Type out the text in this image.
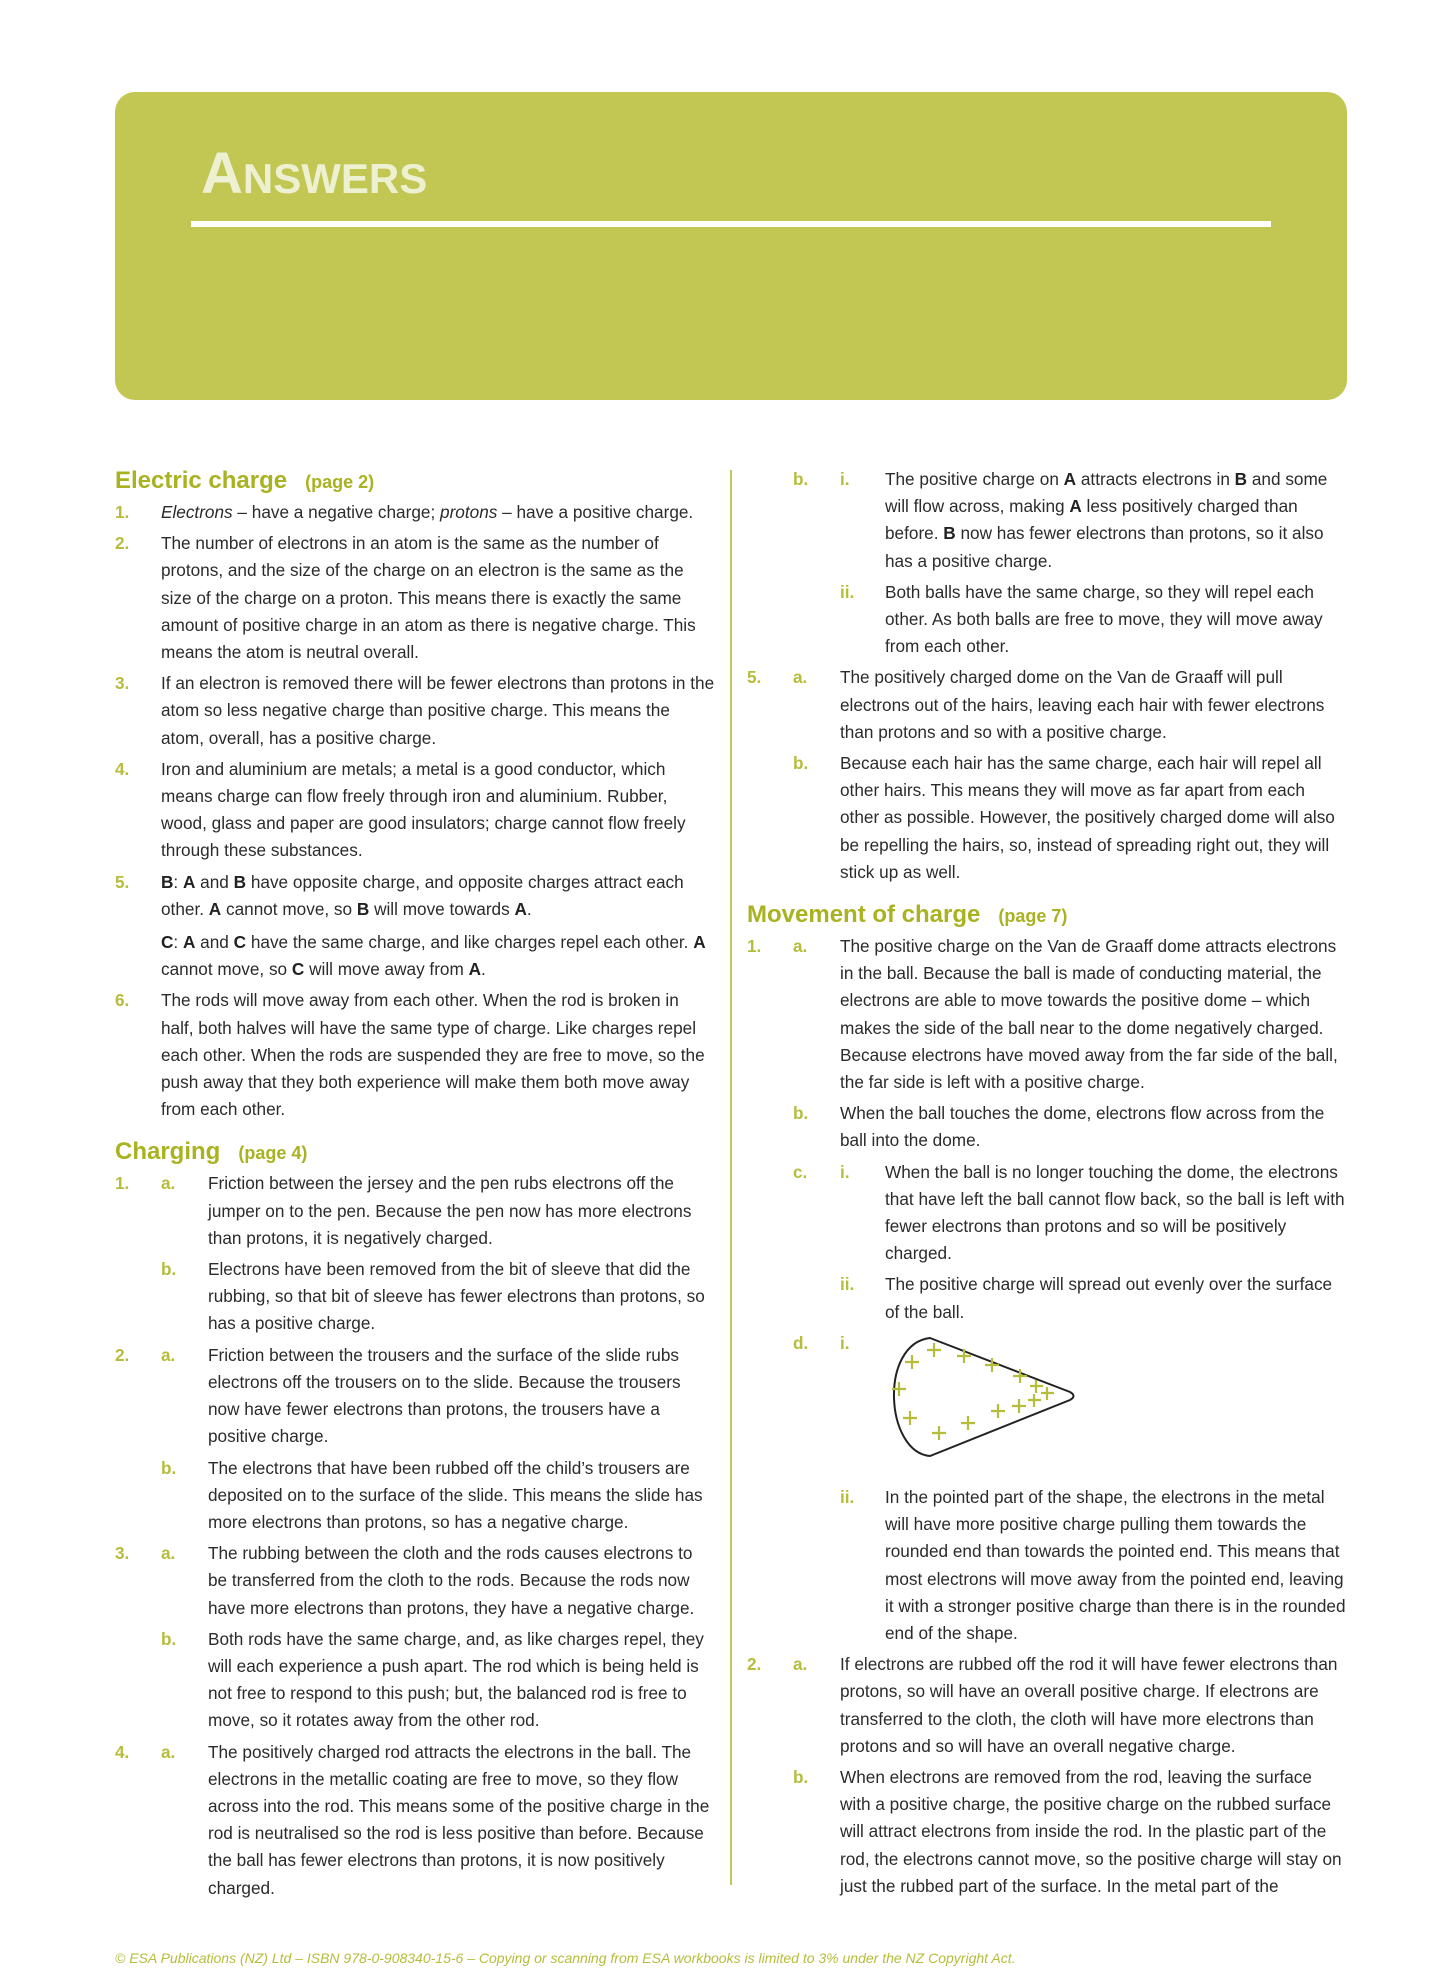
ANSWERS
Electric charge (page 2)
1. Electrons – have a negative charge; protons – have a positive charge.
2. The number of electrons in an atom is the same as the number of protons, and the size of the charge on an electron is the same as the size of the charge on a proton. This means there is exactly the same amount of positive charge in an atom as there is negative charge. This means the atom is neutral overall.
3. If an electron is removed there will be fewer electrons than protons in the atom so less negative charge than positive charge. This means the atom, overall, has a positive charge.
4. Iron and aluminium are metals; a metal is a good conductor, which means charge can flow freely through iron and aluminium. Rubber, wood, glass and paper are good insulators; charge cannot flow freely through these substances.
5. B: A and B have opposite charge, and opposite charges attract each other. A cannot move, so B will move towards A.
C: A and C have the same charge, and like charges repel each other. A cannot move, so C will move away from A.
6. The rods will move away from each other. When the rod is broken in half, both halves will have the same type of charge. Like charges repel each other. When the rods are suspended they are free to move, so the push away that they both experience will make them both move away from each other.
Charging (page 4)
1. a. Friction between the jersey and the pen rubs electrons off the jumper on to the pen. Because the pen now has more electrons than protons, it is negatively charged.
b. Electrons have been removed from the bit of sleeve that did the rubbing, so that bit of sleeve has fewer electrons than protons, so has a positive charge.
2. a. Friction between the trousers and the surface of the slide rubs electrons off the trousers on to the slide. Because the trousers now have fewer electrons than protons, the trousers have a positive charge.
b. The electrons that have been rubbed off the child’s trousers are deposited on to the surface of the slide. This means the slide has more electrons than protons, so has a negative charge.
3. a. The rubbing between the cloth and the rods causes electrons to be transferred from the cloth to the rods. Because the rods now have more electrons than protons, they have a negative charge.
b. Both rods have the same charge, and, as like charges repel, they will each experience a push apart. The rod which is being held is not free to respond to this push; but, the balanced rod is free to move, so it rotates away from the other rod.
4. a. The positively charged rod attracts the electrons in the ball. The electrons in the metallic coating are free to move, so they flow across into the rod. This means some of the positive charge in the rod is neutralised so the rod is less positive than before. Because the ball has fewer electrons than protons, it is now positively charged.
b. i. The positive charge on A attracts electrons in B and some will flow across, making A less positively charged than before. B now has fewer electrons than protons, so it also has a positive charge.
ii. Both balls have the same charge, so they will repel each other. As both balls are free to move, they will move away from each other.
5. a. The positively charged dome on the Van de Graaff will pull electrons out of the hairs, leaving each hair with fewer electrons than protons and so with a positive charge.
b. Because each hair has the same charge, each hair will repel all other hairs. This means they will move as far apart from each other as possible. However, the positively charged dome will also be repelling the hairs, so, instead of spreading right out, they will stick up as well.
Movement of charge (page 7)
1. a. The positive charge on the Van de Graaff dome attracts electrons in the ball. Because the ball is made of conducting material, the electrons are able to move towards the positive dome – which makes the side of the ball near to the dome negatively charged. Because electrons have moved away from the far side of the ball, the far side is left with a positive charge.
b. When the ball touches the dome, electrons flow across from the ball into the dome.
c. i. When the ball is no longer touching the dome, the electrons that have left the ball cannot flow back, so the ball is left with fewer electrons than protons and so will be positively charged.
ii. The positive charge will spread out evenly over the surface of the ball.
d. i.
ii. In the pointed part of the shape, the electrons in the metal will have more positive charge pulling them towards the rounded end than towards the pointed end. This means that most electrons will move away from the pointed end, leaving it with a stronger positive charge than there is in the rounded end of the shape.
2. a. If electrons are rubbed off the rod it will have fewer electrons than protons, so will have an overall positive charge. If electrons are transferred to the cloth, the cloth will have more electrons than protons and so will have an overall negative charge.
b. When electrons are removed from the rod, leaving the surface with a positive charge, the positive charge on the rubbed surface will attract electrons from inside the rod. In the plastic part of the rod, the electrons cannot move, so the positive charge will stay on just the rubbed part of the surface. In the metal part of the
© ESA Publications (NZ) Ltd – ISBN 978-0-908340-15-6 – Copying or scanning from ESA workbooks is limited to 3% under the NZ Copyright Act.
